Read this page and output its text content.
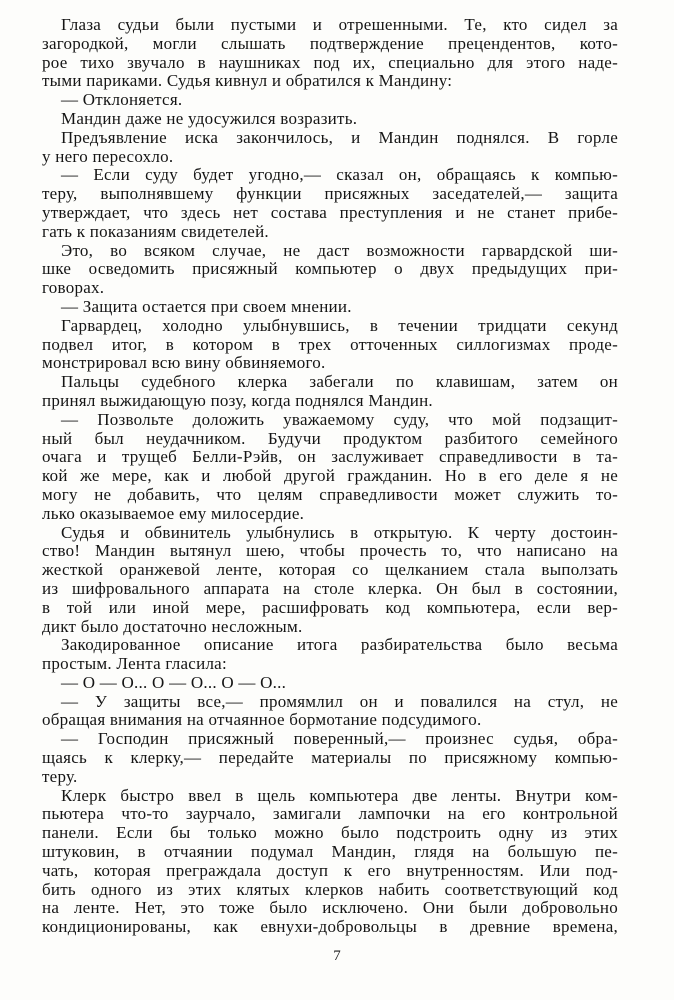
Глаза судьи были пустыми и отрешенными. Те, кто сидел за
загородкой, могли слышать подтверждение прецендентов, кото-
рое тихо звучало в наушниках под их, специально для этого наде-
тыми париками. Судья кивнул и обратился к Мандину:
— Отклоняется.
Мандин даже не удосужился возразить.
Предъявление иска закончилось, и Мандин поднялся. В горле
у него пересохло.
— Если суду будет угодно,— сказал он, обращаясь к компью-
теру, выполнявшему функции присяжных заседателей,— защита
утверждает, что здесь нет состава преступления и не станет прибе-
гать к показаниям свидетелей.
Это, во всяком случае, не даст возможности гарвардской ши-
шке осведомить присяжный компьютер о двух предыдущих при-
говорах.
— Защита остается при своем мнении.
Гарвардец, холодно улыбнувшись, в течении тридцати секунд
подвел итог, в котором в трех отточенных силлогизмах проде-
монстрировал всю вину обвиняемого.
Пальцы судебного клерка забегали по клавишам, затем он
принял выжидающую позу, когда поднялся Мандин.
— Позвольте доложить уважаемому суду, что мой подзащит-
ный был неудачником. Будучи продуктом разбитого семейного
очага и трущеб Белли-Рэйв, он заслуживает справедливости в та-
кой же мере, как и любой другой гражданин. Но в его деле я не
могу не добавить, что целям справедливости может служить то-
лько оказываемое ему милосердие.
Судья и обвинитель улыбнулись в открытую. К черту достоин-
ство! Мандин вытянул шею, чтобы прочесть то, что написано на
жесткой оранжевой ленте, которая со щелканием стала выползать
из шифровального аппарата на столе клерка. Он был в состоянии,
в той или иной мере, расшифровать код компьютера, если вер-
дикт было достаточно несложным.
Закодированное описание итога разбирательства было весьма
простым. Лента гласила:
— О — О... О — О... О — О...
— У защиты все,— промямлил он и повалился на стул, не
обращая внимания на отчаянное бормотание подсудимого.
— Господин присяжный поверенный,— произнес судья, обра-
щаясь к клерку,— передайте материалы по присяжному компью-
теру.
Клерк быстро ввел в щель компьютера две ленты. Внутри ком-
пьютера что-то заурчало, замигали лампочки на его контрольной
панели. Если бы только можно было подстроить одну из этих
штуковин, в отчаянии подумал Мандин, глядя на большую пе-
чать, которая преграждала доступ к его внутренностям. Или под-
бить одного из этих клятых клерков набить соответствующий код
на ленте. Нет, это тоже было исключено. Они были добровольно
кондиционированы, как евнухи-добровольцы в древние времена,
7
